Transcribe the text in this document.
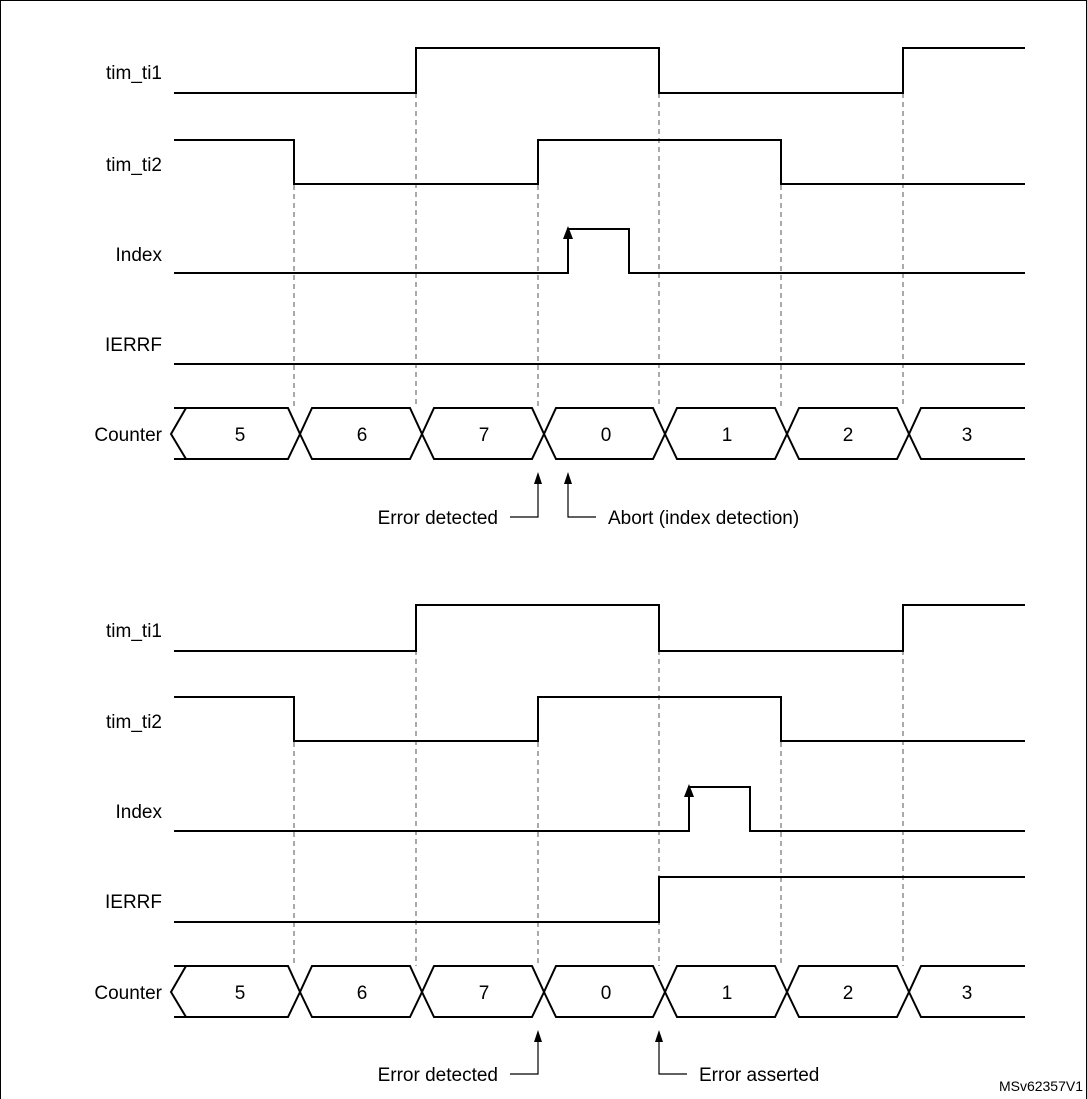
tim_ti1
tim_ti2
Index
IERRF
Counter	5	6	7	0	1	2	3
Error detected	Abort (index detection)
tim_ti1
tim_ti2
Index
IERRF
Counter	5	6	7	0	1	2	3
Error detected	Error asserted	MSv62357V1
